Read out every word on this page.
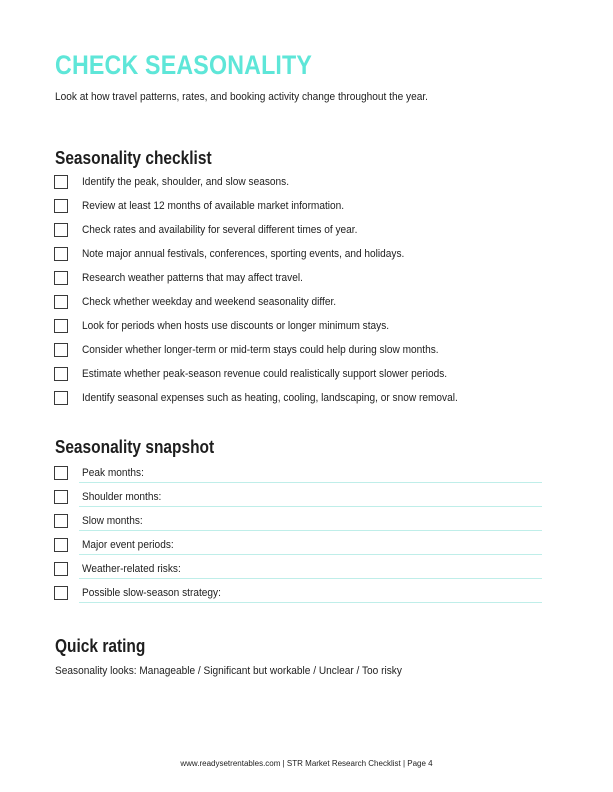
CHECK SEASONALITY
Look at how travel patterns, rates, and booking activity change throughout the year.
Seasonality checklist
Identify the peak, shoulder, and slow seasons.
Review at least 12 months of available market information.
Check rates and availability for several different times of year.
Note major annual festivals, conferences, sporting events, and holidays.
Research weather patterns that may affect travel.
Check whether weekday and weekend seasonality differ.
Look for periods when hosts use discounts or longer minimum stays.
Consider whether longer-term or mid-term stays could help during slow months.
Estimate whether peak-season revenue could realistically support slower periods.
Identify seasonal expenses such as heating, cooling, landscaping, or snow removal.
Seasonality snapshot
Peak months:
Shoulder months:
Slow months:
Major event periods:
Weather-related risks:
Possible slow-season strategy:
Quick rating
Seasonality looks: Manageable / Significant but workable / Unclear / Too risky
www.readysetrentables.com | STR Market Research Checklist | Page 4
